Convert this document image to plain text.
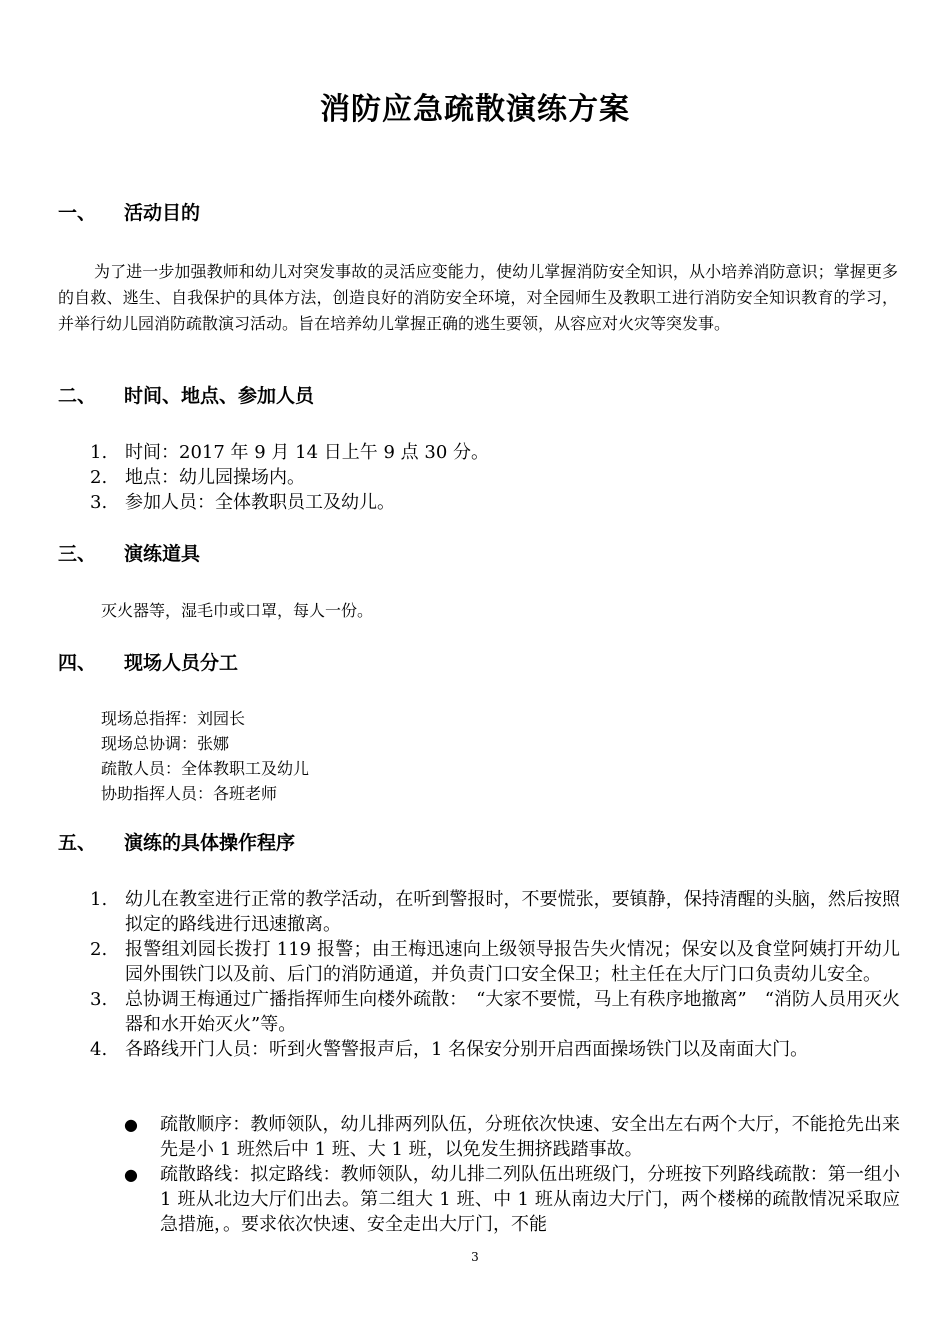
消防应急疏散演练方案
一、 活动目的

为了进一步加强教师和幼儿对突发事故的灵活应变能力，使幼儿掌握消防安全知识，从小培养消防意识；掌握更多的自救、逃生、自我保护的具体方法，创造良好的消防安全环境，对全园师生及教职工进行消防安全知识教育的学习，并举行幼儿园消防疏散演习活动。旨在培养幼儿掌握正确的逃生要领，从容应对火灾等突发事。

二、 时间、地点、参加人员
1. 时间：2017 年 9 月 14 日上午 9 点 30 分。
2. 地点：幼儿园操场内。
3. 参加人员：全体教职员工及幼儿。
三、 演练道具
灭火器等，湿毛巾或口罩，每人一份。
四、 现场人员分工
现场总指挥：刘园长
现场总协调：张娜
疏散人员：全体教职工及幼儿
协助指挥人员：各班老师
五、 演练的具体操作程序
1. 幼儿在教室进行正常的教学活动，在听到警报时，不要慌张，要镇静，保持清醒的头脑，然后按照拟定的路线进行迅速撤离。
2. 报警组刘园长拨打 119 报警；由王梅迅速向上级领导报告失火情况；保安以及食堂阿姨打开幼儿园外围铁门以及前、后门的消防通道，并负责门口安全保卫；杜主任在大厅门口负责幼儿安全。
3. 总协调王梅通过广播指挥师生向楼外疏散：　“大家不要慌，马上有秩序地撤离”　“消防人员用灭火器和水开始灭火”等。
4. 各路线开门人员：听到火警警报声后，1 名保安分别开启西面操场铁门以及南面大门。
●	疏散顺序：教师领队，幼儿排两列队伍，分班依次快速、安全出左右两个大厅，不能抢先出来先是小 1 班然后中 1 班、大 1 班，以免发生拥挤践踏事故。
●	疏散路线：拟定路线：教师领队，幼儿排二列队伍出班级门，分班按下列路线疏散：第一组小 1 班从北边大厅们出去。第二组大 1 班、中 1 班从南边大厅门，两个楼梯的疏散情况采取应急措施，。要求依次快速、安全走出大厅门，不能
3
